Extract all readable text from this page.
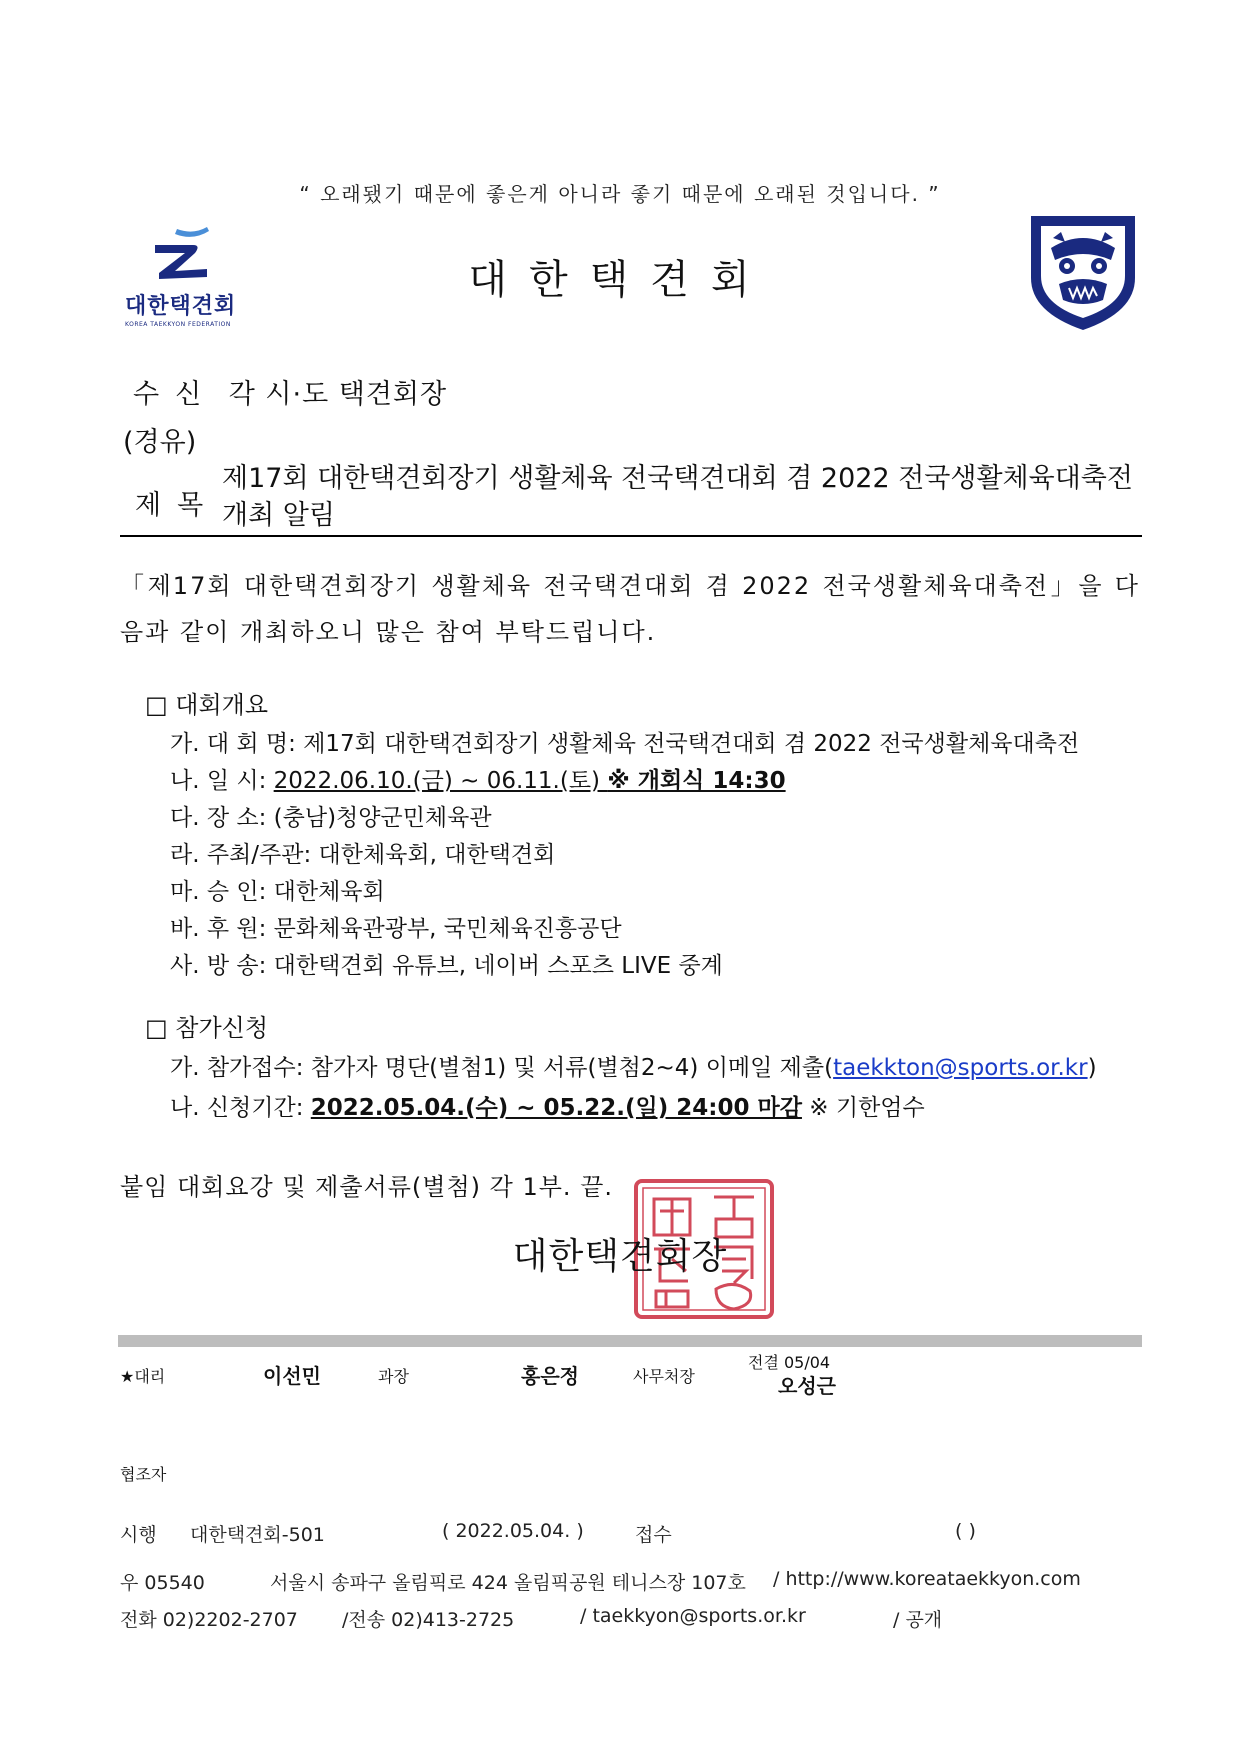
“ 오래됐기 때문에 좋은게 아니라 좋기 때문에 오래된 것입니다. ”
대한택견회
KOREA TAEKKYON FEDERATION
대한택견회
수신 각 시·도 택견회장
(경유)
제목
제17회 대한택견회장기 생활체육 전국택견대회 겸 2022 전국생활체육대축전 개최 알림
「제17회 대한택견회장기 생활체육 전국택견대회 겸 2022 전국생활체육대축전」을 다음과 같이 개최하오니 많은 참여 부탁드립니다.
□ 대회개요
가. 대 회 명: 제17회 대한택견회장기 생활체육 전국택견대회 겸 2022 전국생활체육대축전
나. 일 시: 2022.06.10.(금) ~ 06.11.(토) ※ 개회식 14:30
다. 장 소: (충남)청양군민체육관
라. 주최/주관: 대한체육회, 대한택견회
마. 승 인: 대한체육회
바. 후 원: 문화체육관광부, 국민체육진흥공단
사. 방 송: 대한택견회 유튜브, 네이버 스포츠 LIVE 중계
□ 참가신청
가. 참가접수: 참가자 명단(별첨1) 및 서류(별첨2~4) 이메일 제출(taekkton@sports.or.kr)
나. 신청기간: 2022.05.04.(수) ~ 05.22.(일) 24:00 마감 ※ 기한엄수
붙임 대회요강 및 제출서류(별첨) 각 1부. 끝.
대한택견회장
★대리	이선민	과장	홍은정	사무처장
전결 05/04
오성근
협조자
시행 대한택견회-501	( 2022.05.04. )	접수	( )
우 05540	서울시 송파구 올림픽로 424 올림픽공원 테니스장 107호 / http://www.koreataekkyon.com
전화 02)2202-2707 /전송 02)413-2725	/ taekkyon@sports.or.kr	/ 공개
